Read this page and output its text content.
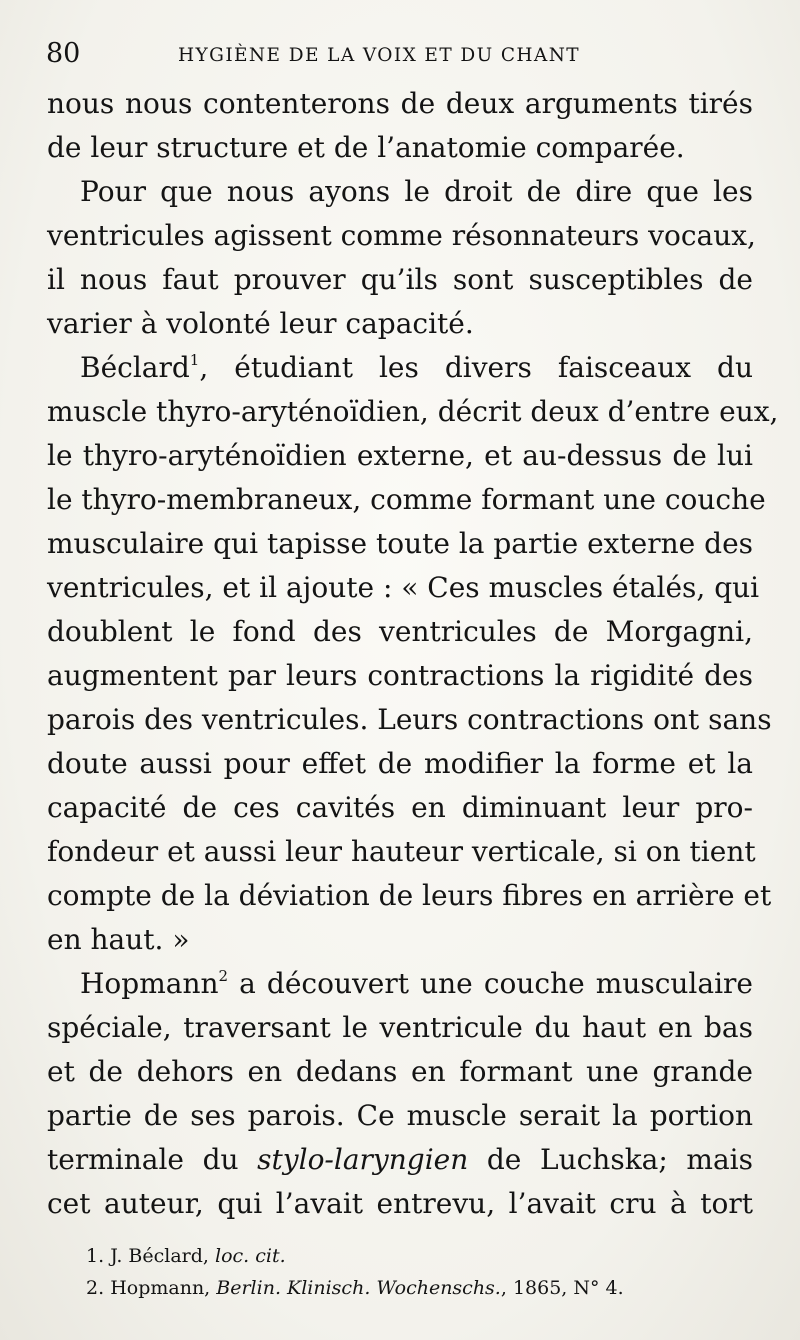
80	HYGIÈNE DE LA VOIX ET DU CHANT
nous nous contenterons de deux arguments tirés
de leur structure et de l’anatomie comparée.
Pour que nous ayons le droit de dire que les
ventricules agissent comme résonnateurs vocaux,
il nous faut prouver qu’ils sont susceptibles de
varier à volonté leur capacité.
Béclard$^1$, étudiant les divers faisceaux du
muscle thyro-aryténoïdien, décrit deux d’entre eux,
le thyro-aryténoïdien externe, et au-dessus de lui
le thyro-membraneux, comme formant une couche
musculaire qui tapisse toute la partie externe des
ventricules, et il ajoute : « Ces muscles étalés, qui
doublent le fond des ventricules de Morgagni,
augmentent par leurs contractions la rigidité des
parois des ventricules. Leurs contractions ont sans
doute aussi pour effet de modifier la forme et la
capacité de ces cavités en diminuant leur pro-
fondeur et aussi leur hauteur verticale, si on tient
compte de la déviation de leurs fibres en arrière et
en haut. »
Hopmann$^2$ a découvert une couche musculaire
spéciale, traversant le ventricule du haut en bas
et de dehors en dedans en formant une grande
partie de ses parois. Ce muscle serait la portion
terminale du stylo-laryngien de Luchska; mais
cet auteur, qui l’avait entrevu, l’avait cru à tort
1. J. Béclard, loc. cit.
2. Hopmann, Berlin. Klinisch. Wochenschs., 1865, N° 4.
